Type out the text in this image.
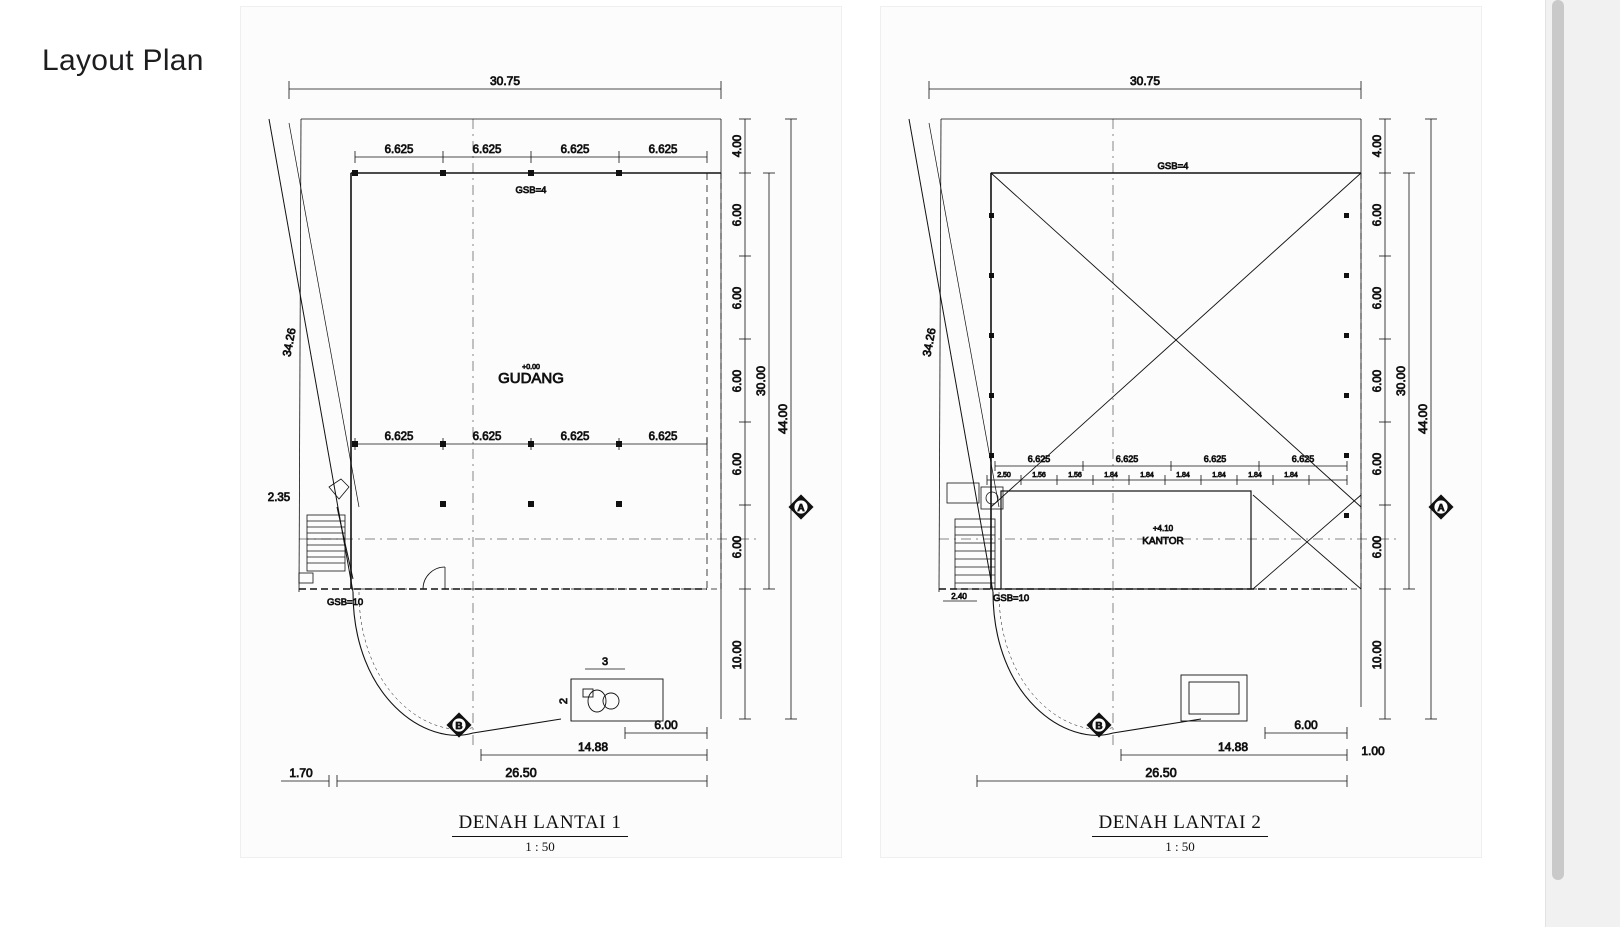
Layout Plan
30.75
6.625	6.625	6.625	6.625
GSB=4
6.625	6.625	6.625	6.625
+0.00
GUDANG
34.26
2.35
GSB=10
3
2
B
A
4.00
6.00
6.00
6.00
6.00
6.00
10.00
30.00
44.00
6.00
14.88
26.50
1.70
DENAH LANTAI 1
1 : 50
30.75
GSB=4
6.625	6.625	6.625	6.625
2.50	1.56	1.56	1.84	1.84	1.84	1.84	1.84	1.84
+4.10
KANTOR
34.26
2.40	GSB=10
B
A
4.00
6.00
6.00
6.00
6.00
6.00
10.00
30.00
44.00
6.00
14.88	1.00
26.50
DENAH LANTAI 2
1 : 50
